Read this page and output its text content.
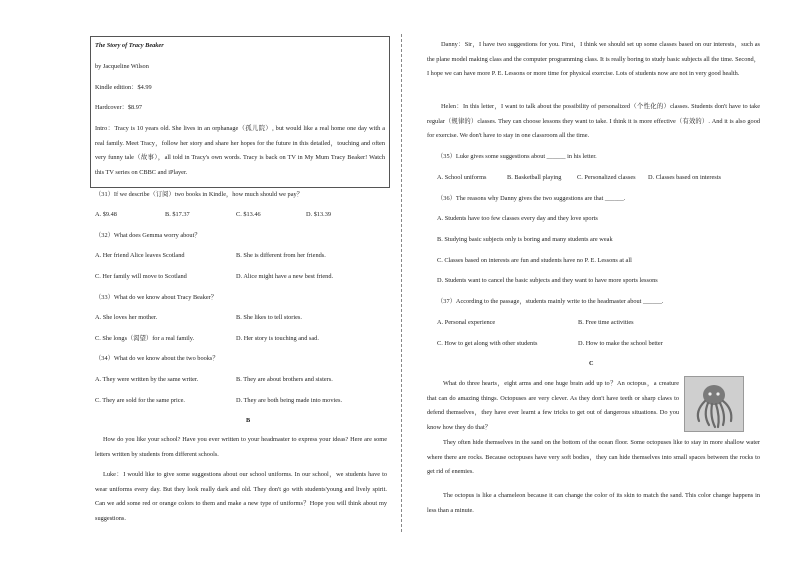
The Story of Tracy Beaker
by Jacqueline Wilson
Kindle edition：$4.99
Hardcover：$8.97
Intro：Tracy is 10 years old. She lives in an orphanage（孤儿院）, but would like a real home one day with a real family. Meet Tracy，follow her story and share her hopes for the future in this detailed，touching and often very funny tale（故事），all told in Tracy's own words. Tracy is back on TV in My Mum Tracy Beaker! Watch this TV series on CBBC and iPlayer.
（31）If we describe（订阅）two books in Kindle，how much should we pay？
A. $9.48	B. $17.37	C. $13.46	D. $13.39
（32）What does Gemma worry about？
A. Her friend Alice leaves Scotland	B. She is different from her friends.
C. Her family will move to Scotland	D. Alice might have a new best friend.
（33）What do we know about Tracy Beaker？
A. She loves her mother.	B. She likes to tell stories.
C. She longs（渴望）for a real family.	D. Her story is touching and sad.
（34）What do we know about the two books？
A. They were written by the same writer.	B. They are about brothers and sisters.
C. They are sold for the same price.	D. They are both being made into movies.
B
How do you like your school? Have you ever written to your headmaster to express your ideas? Here are some letters written by students from different schools.
Luke：I would like to give some suggestions about our school uniforms. In our school，we students have to wear uniforms every day. But they look really dark and old. They don't go with students'young and lively spirit. Can we add some red or orange colors to them and make a new type of uniforms？Hope you will think about my suggestions.
Danny：Sir，I have two suggestions for you. First，I think we should set up some classes based on our interests，such as the plane model making class and the computer programming class. It is really boring to study basic subjects all the time. Second，I hope we can have more P. E. Lessons or more time for physical exercise. Lots of students now are not in very good health.
Helen：In this letter，I want to talk about the possibility of personalized（个性化的）classes. Students don't have to take regular（规律的）classes. They can choose lessons they want to take. I think it is more effective（有效的）. And it is also good for exercise. We don't have to stay in one classroom all the time.
（35）Luke gives some suggestions about ______ in his letter.
A. School uniforms	B. Basketball playing C. Personalized classes D. Classes based on interests
（36）The reasons why Danny gives the two suggestions are that ______.
A. Students have too few classes every day and they love sports
B. Studying basic subjects only is boring and many students are weak
C. Classes based on interests are fun and students have no P. E. Lessons at all
D. Students want to cancel the basic subjects and they want to have more sports lessons
（37）According to the passage，students mainly write to the headmaster about ______.
A. Personal experience	B. Free time activities
C. How to get along with other students	D. How to make the school better
C
What do three hearts，eight arms and one huge brain add up to？An octopus，a creature that can do amazing things. Octopuses are very clever. As they don't have teeth or sharp claws to defend themselves，they have ever learnt a few tricks to get out of dangerous situations. Do you know how they do that？
They often hide themselves in the sand on the bottom of the ocean floor. Some octopuses like to stay in more shallow water where there are rocks. Because octopuses have very soft bodies，they can hide themselves into small spaces between the rocks to get rid of enemies.
The octopus is like a chameleon because it can change the color of its skin to match the sand. This color change happens in less than a minute.
